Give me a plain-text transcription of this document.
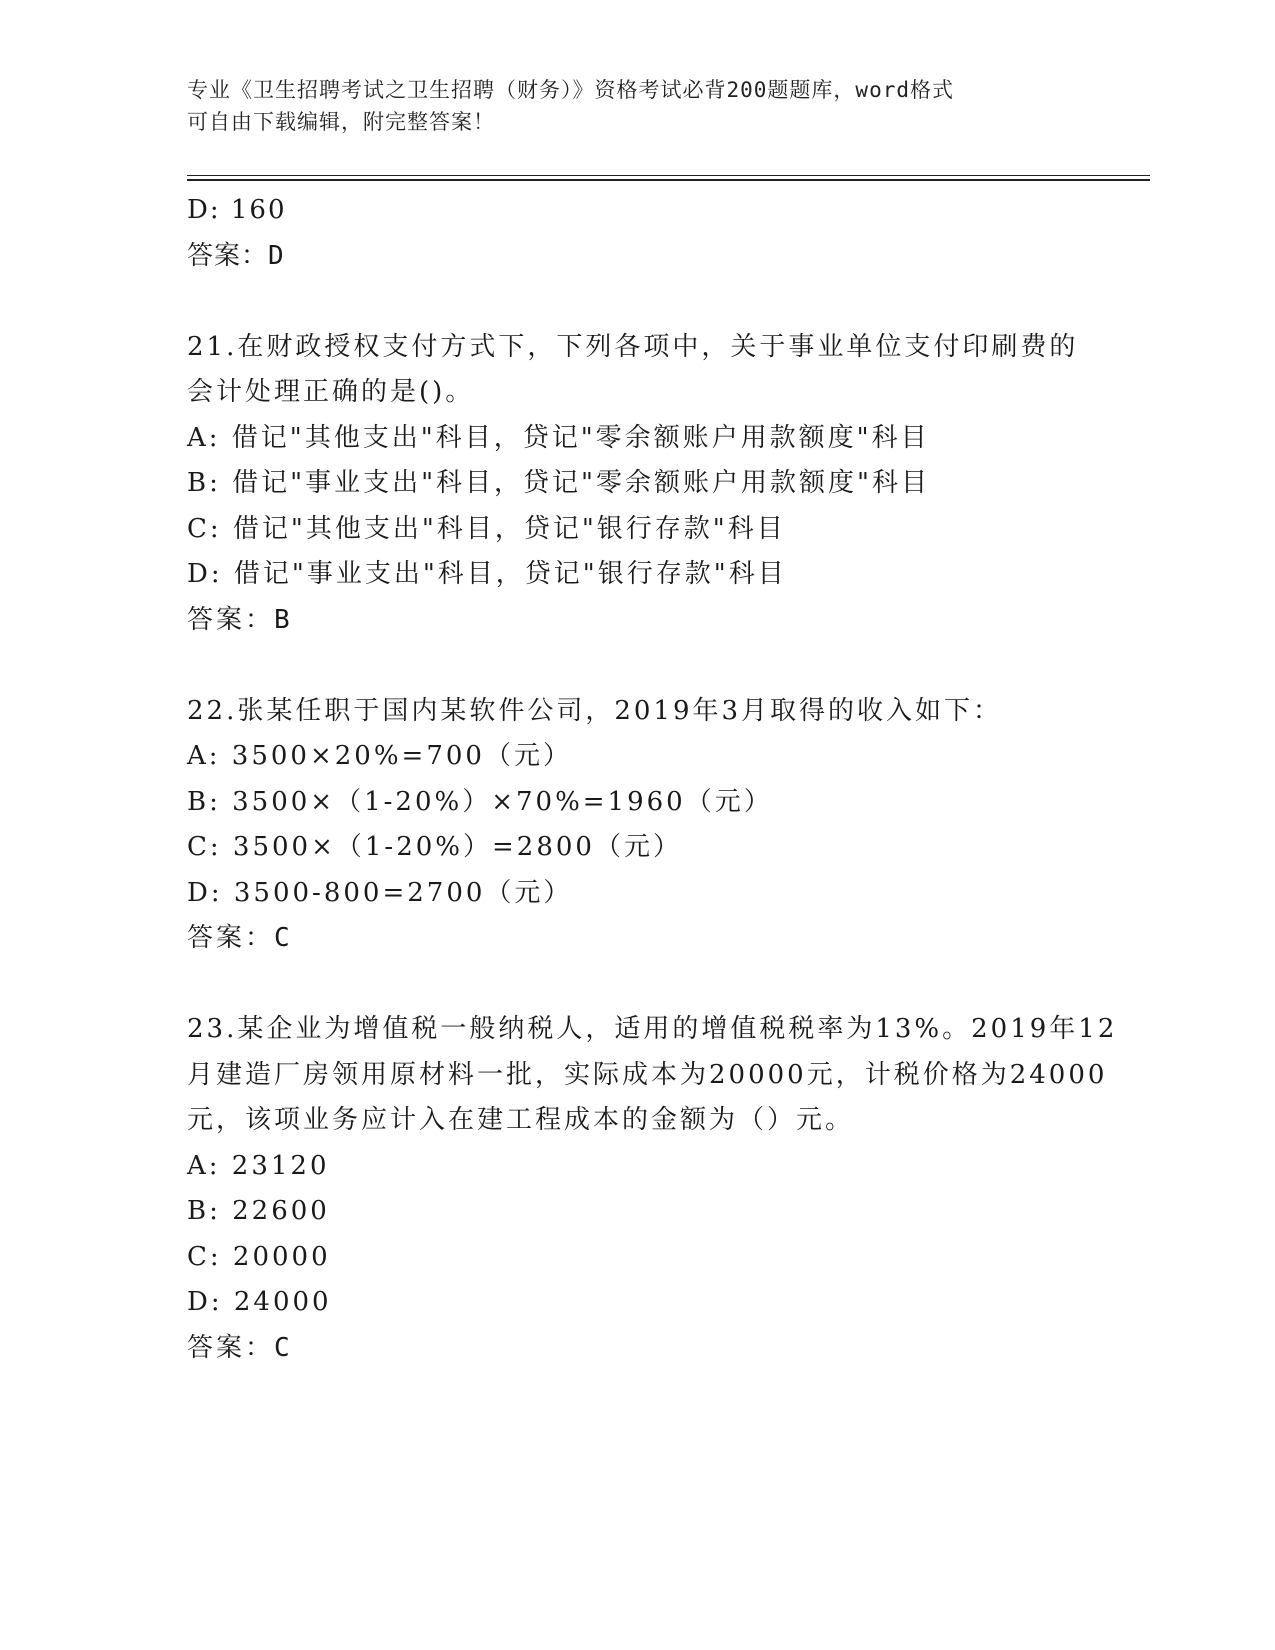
专业《卫生招聘考试之卫生招聘（财务）》资格考试必背200题题库，word格式
可自由下载编辑，附完整答案！
D: 160
答案：D
21.在财政授权支付方式下，下列各项中，关于事业单位支付印刷费的
会计处理正确的是()。
A: 借记"其他支出"科目，贷记"零余额账户用款额度"科目
B: 借记"事业支出"科目，贷记"零余额账户用款额度"科目
C: 借记"其他支出"科目，贷记"银行存款"科目
D: 借记"事业支出"科目，贷记"银行存款"科目
答案：B
22.张某任职于国内某软件公司，2019年3月取得的收入如下：
A: 3500×20%=700（元）
B: 3500×（1-20%）×70%=1960（元）
C: 3500×（1-20%）=2800（元）
D: 3500-800=2700（元）
答案：C
23.某企业为增值税一般纳税人，适用的增值税税率为13%。2019年12
月建造厂房领用原材料一批，实际成本为20000元，计税价格为24000
元，该项业务应计入在建工程成本的金额为（）元。
A: 23120
B: 22600
C: 20000
D: 24000
答案：C
